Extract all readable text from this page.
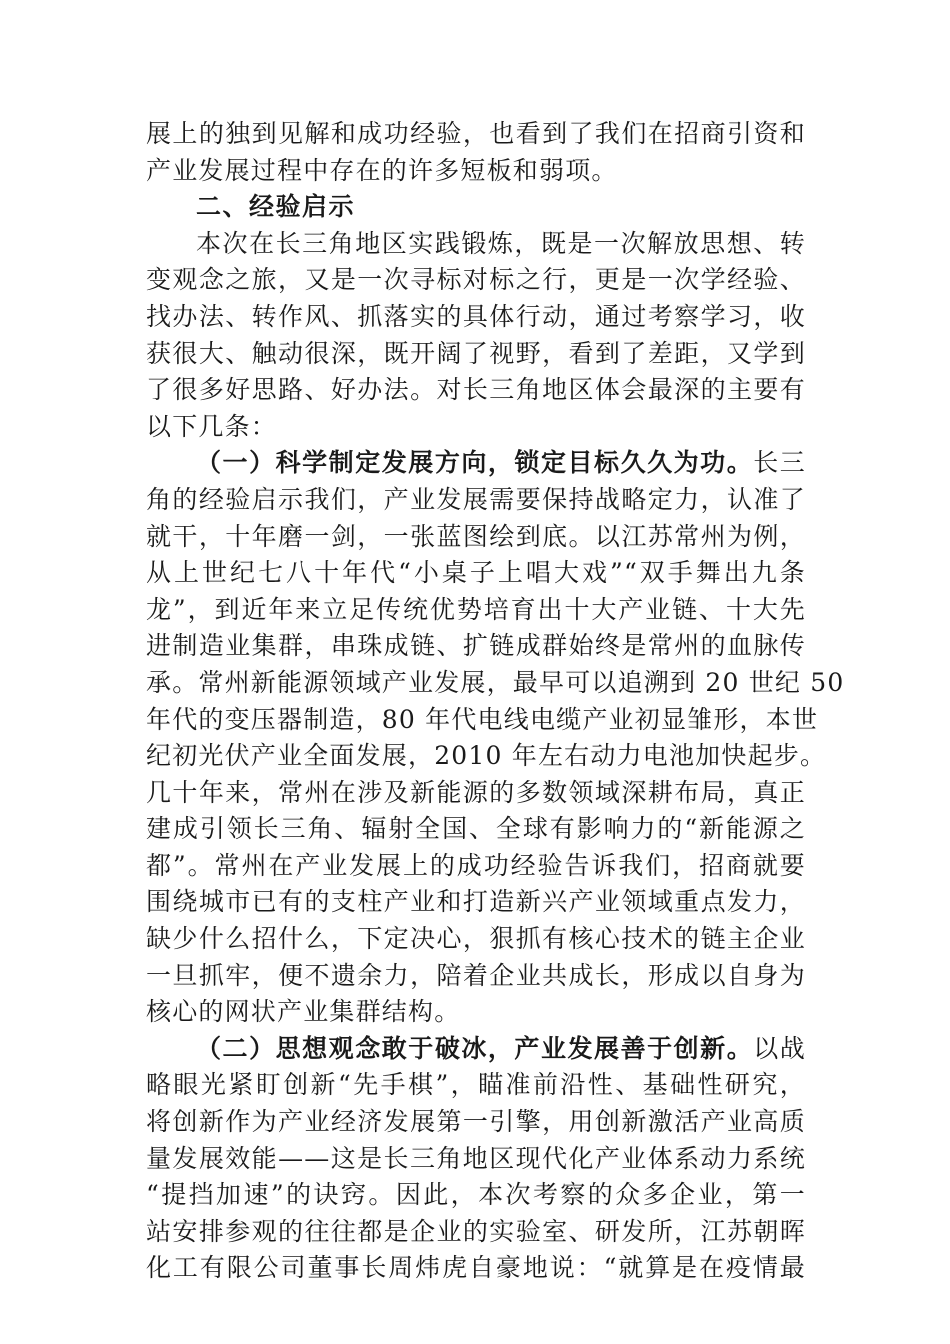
展上的独到见解和成功经验，也看到了我们在招商引资和
产业发展过程中存在的许多短板和弱项。
二、经验启示
本次在长三角地区实践锻炼，既是一次解放思想、转
变观念之旅，又是一次寻标对标之行，更是一次学经验、
找办法、转作风、抓落实的具体行动，通过考察学习，收
获很大、触动很深，既开阔了视野，看到了差距，又学到
了很多好思路、好办法。对长三角地区体会最深的主要有
以下几条：
（一）科学制定发展方向，锁定目标久久为功。长三
角的经验启示我们，产业发展需要保持战略定力，认准了
就干，十年磨一剑，一张蓝图绘到底。以江苏常州为例，
从上世纪七八十年代“小桌子上唱大戏”“双手舞出九条
龙”，到近年来立足传统优势培育出十大产业链、十大先
进制造业集群，串珠成链、扩链成群始终是常州的血脉传
承。常州新能源领域产业发展，最早可以追溯到 20 世纪 50
年代的变压器制造，80 年代电线电缆产业初显雏形，本世
纪初光伏产业全面发展，2010 年左右动力电池加快起步。
几十年来，常州在涉及新能源的多数领域深耕布局，真正
建成引领长三角、辐射全国、全球有影响力的“新能源之
都”。常州在产业发展上的成功经验告诉我们，招商就要
围绕城市已有的支柱产业和打造新兴产业领域重点发力，
缺少什么招什么，下定决心，狠抓有核心技术的链主企业
一旦抓牢，便不遗余力，陪着企业共成长，形成以自身为
核心的网状产业集群结构。
（二）思想观念敢于破冰，产业发展善于创新。以战
略眼光紧盯创新“先手棋”，瞄准前沿性、基础性研究，
将创新作为产业经济发展第一引擎，用创新激活产业高质
量发展效能——这是长三角地区现代化产业体系动力系统
“提挡加速”的诀窍。因此，本次考察的众多企业，第一
站安排参观的往往都是企业的实验室、研发所，江苏朝晖
化工有限公司董事长周炜虎自豪地说：“就算是在疫情最
